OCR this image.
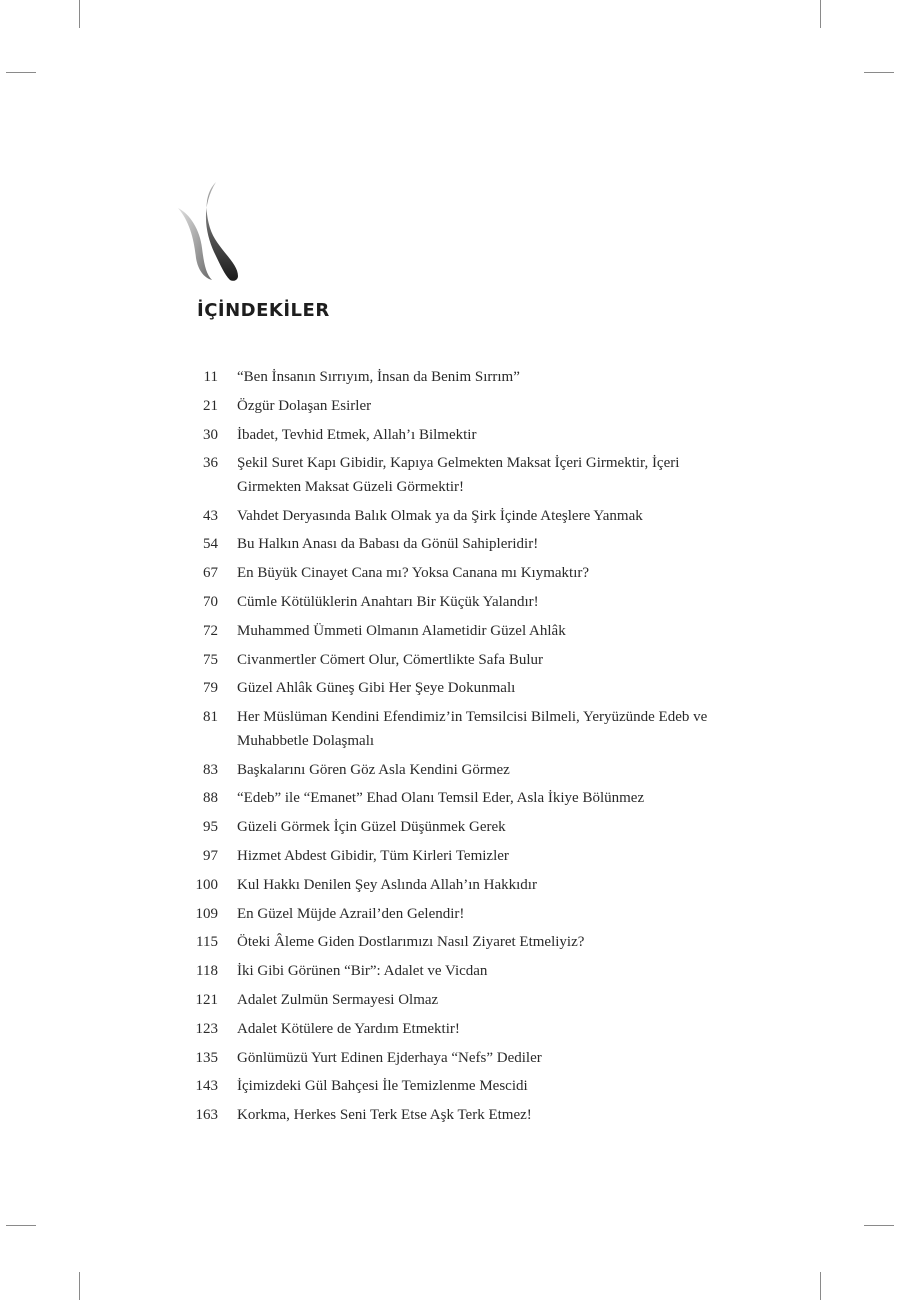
İÇİNDEKİLER
11	“Ben İnsanın Sırrıyım, İnsan da Benim Sırrım”
21	Özgür Dolaşan Esirler
30	İbadet, Tevhid Etmek, Allah’ı Bilmektir
36	Şekil Suret Kapı Gibidir, Kapıya Gelmekten Maksat İçeri Girmektir, İçeri Girmekten Maksat Güzeli Görmektir!
43	Vahdet Deryasında Balık Olmak ya da Şirk İçinde Ateşlere Yanmak
54	Bu Halkın Anası da Babası da Gönül Sahipleridir!
67	En Büyük Cinayet Cana mı? Yoksa Canana mı Kıymaktır?
70	Cümle Kötülüklerin Anahtarı Bir Küçük Yalandır!
72	Muhammed Ümmeti Olmanın Alametidir Güzel Ahlâk
75	Civanmertler Cömert Olur, Cömertlikte Safa Bulur
79	Güzel Ahlâk Güneş Gibi Her Şeye Dokunmalı
81	Her Müslüman Kendini Efendimiz’in Temsilcisi Bilmeli, Yeryüzünde Edeb ve Muhabbetle Dolaşmalı
83	Başkalarını Gören Göz Asla Kendini Görmez
88	“Edeb” ile “Emanet” Ehad Olanı Temsil Eder, Asla İkiye Bölünmez
95	Güzeli Görmek İçin Güzel Düşünmek Gerek
97	Hizmet Abdest Gibidir, Tüm Kirleri Temizler
100	Kul Hakkı Denilen Şey Aslında Allah’ın Hakkıdır
109	En Güzel Müjde Azrail’den Gelendir!
115	Öteki Âleme Giden Dostlarımızı Nasıl Ziyaret Etmeliyiz?
118	İki Gibi Görünen “Bir”: Adalet ve Vicdan
121	Adalet Zulmün Sermayesi Olmaz
123	Adalet Kötülere de Yardım Etmektir!
135	Gönlümüzü Yurt Edinen Ejderhaya “Nefs” Dediler
143	İçimizdeki Gül Bahçesi İle Temizlenme Mescidi
163	Korkma, Herkes Seni Terk Etse Aşk Terk Etmez!
